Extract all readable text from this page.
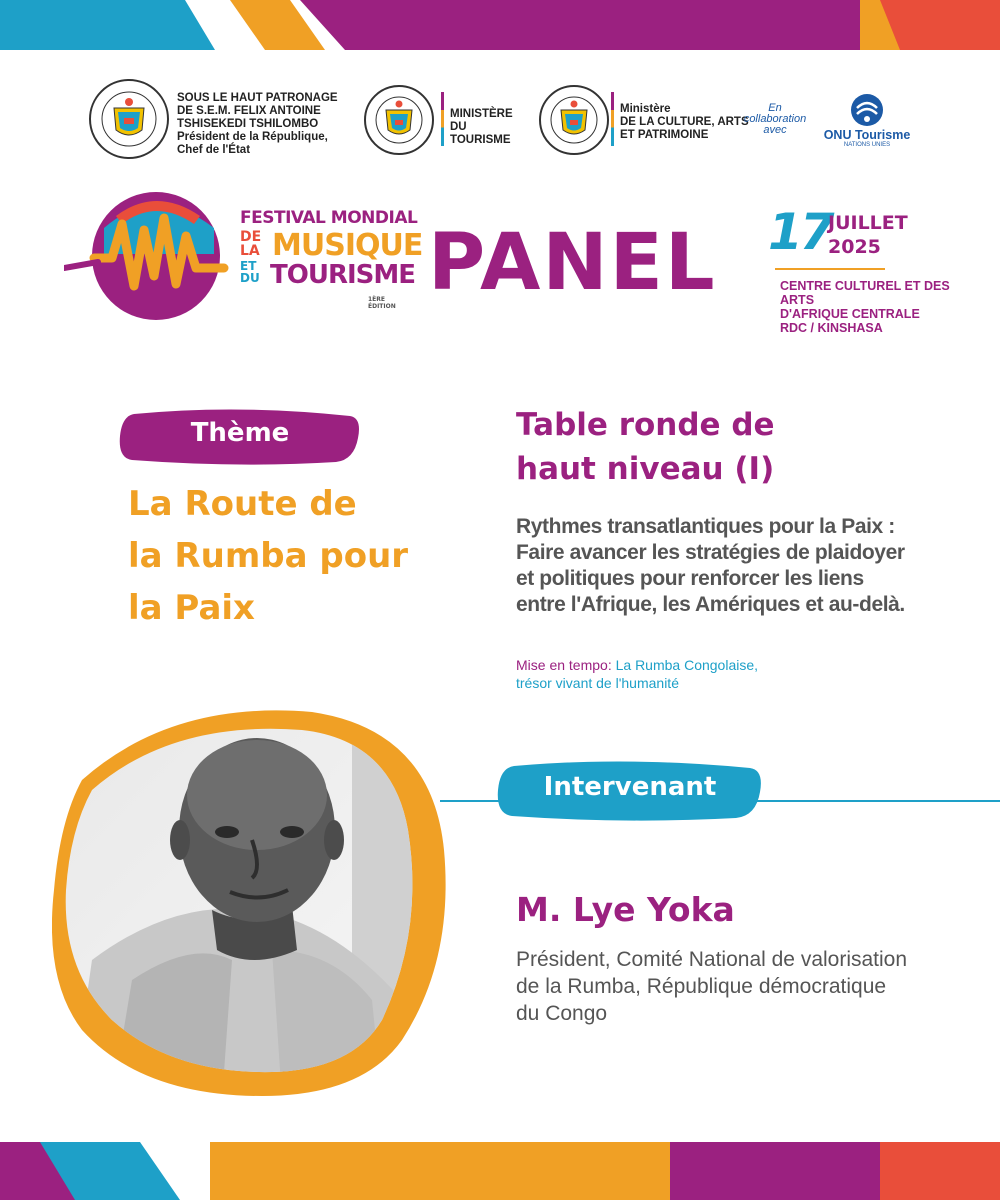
SOUS LE HAUT PATRONAGE
DE S.E.M. FELIX ANTOINE
TSHISEKEDI TSHILOMBO
Président de la République,
Chef de l'État
MINISTÈRE
DU TOURISME
Ministère
DE LA CULTURE, ARTS
ET PATRIMOINE
En
collaboration
avec	ONU Tourisme
NATIONS UNIES
FESTIVAL MONDIAL
DE
LA MUSIQUE
ET
DU TOURISME
1ÈRE ÉDITION PANEL 17
JUILLET
2025
CENTRE CULTUREL ET DES ARTS
D'AFRIQUE CENTRALE
RDC / KINSHASA
Thème
La Route de
la Rumba pour
la Paix
Table ronde de
haut niveau (I)
Rythmes transatlantiques pour la Paix :
Faire avancer les stratégies de plaidoyer
et politiques pour renforcer les liens
entre l'Afrique, les Amériques et au-delà.
Mise en tempo: La Rumba Congolaise,
trésor vivant de l'humanité
Intervenant
M. Lye Yoka
Président, Comité National de valorisation
de la Rumba, République démocratique
du Congo
